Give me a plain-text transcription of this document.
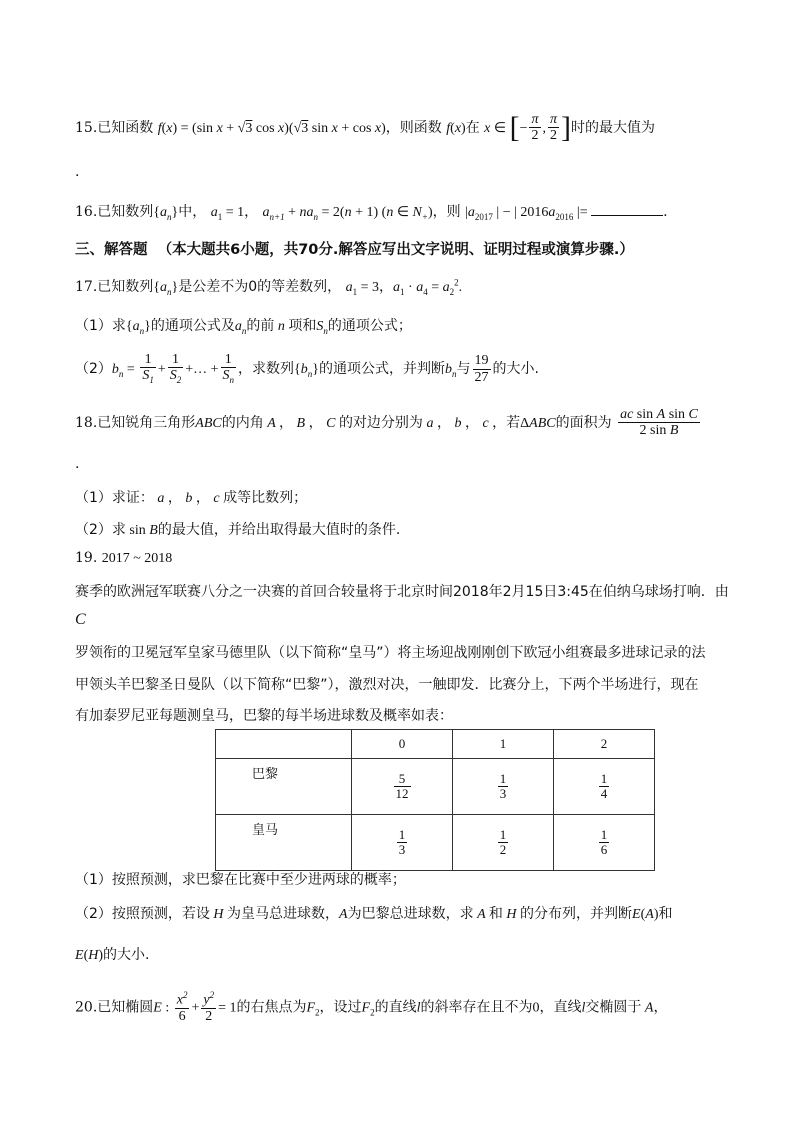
15.已知函数 f(x) = (sin x + √3 cos x)(√3 sin x + cos x)，则函数 f(x)在 x ∈ [− $\frac{\pi}{2}$ , $\frac{\pi}{2}$ ]时的最大值为
.
16.已知数列$\{a_n\}$中， $a_1 = 1$， $a_{n+1} + na_n = 2(n + 1)$ (n ∈ $N_+$)，则 $|a_{2017}$ | − | $2016a_{2016}$ |=	.
三、解答题 （本大题共6小题，共70分.解答应写出文字说明、证明过程或演算步骤.）
17.已知数列$\{a_n\}$是公差不为0的等差数列， $a_1 = 3$，$a_1 \cdot a_4 = a_2^2$.
（1）求$\{a_n\}$的通项公式及$a_n$的前 n 项和$S_n$的通项公式；
$(2)b_n = \frac{1}{S_1} + \frac{1}{S_2}$ +… + $\frac{1}{S_n}$ ，求数列$\{b_n\}$的通项公式，并判断$b_n$与 $\frac{19}{27}$ 的大小.
18.已知锐角三角形ABC的内角 A ， B ， C 的对边分别为 a ， b ， c ，若ΔABC的面积为 $\frac{\text{ac sin A sin C}}{\text{2 sin B}}$
.
（1）求证： a ， b ， c 成等比数列；
（2）求 sin B的最大值，并给出取得最大值时的条件.
19. 2017 ~ 2018
赛季的欧洲冠军联赛八分之一决赛的首回合较量将于北京时间2018年2月15日3:45在伯纳乌球场打响．由
C
罗领衔的卫冕冠军皇家马德里队（以下简称“皇马”）将主场迎战刚刚创下欧冠小组赛最多进球记录的法
甲领头羊巴黎圣日曼队（以下简称“巴黎”），激烈对决，一触即发．比赛分上，下两个半场进行，现在
有加泰罗尼亚每题测皇马，巴黎的每半场进球数及概率如表：
	0	1	2
巴黎	$\frac{5}{12}$	$\frac{1}{3}$	$\frac{1}{4}$

皇马	$\frac{1}{3}$	$\frac{1}{2}$	$\frac{1}{6}$
（1）按照预测，求巴黎在比赛中至少进两球的概率；
（2）按照预测，若设 H 为皇马总进球数，A为巴黎总进球数，求 A 和 H 的分布列，并判断E(A)和
E(H)的大小.
20.已知椭圆E : $\frac{x^2}{6} + \frac{y^2}{2} = 1$的右焦点为$F_2$，设过$F_2$的直线l的斜率存在且不为0，直线l交椭圆于 A，
